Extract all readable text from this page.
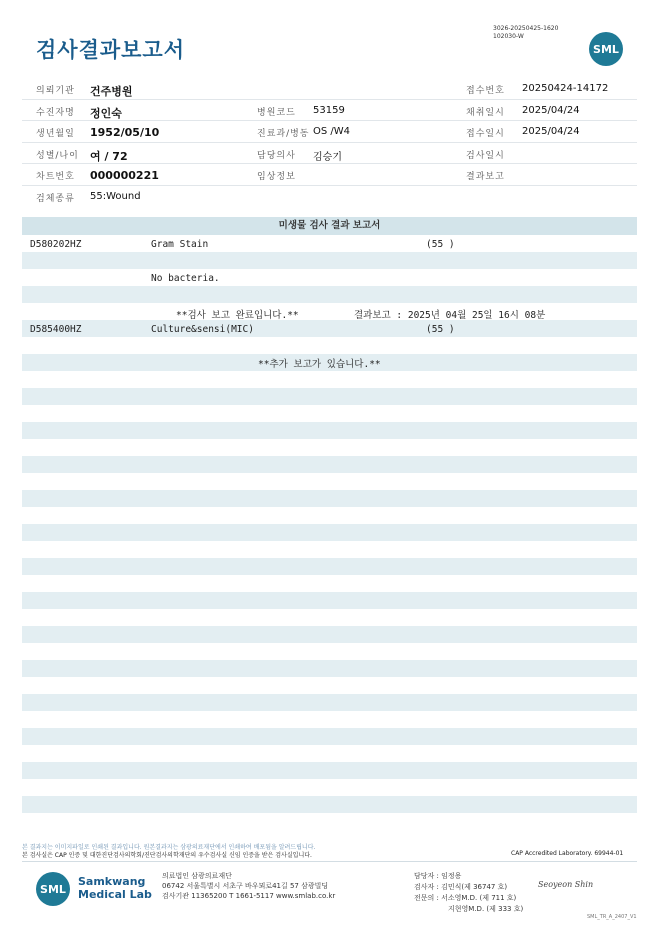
검사결과보고서
3026-20250425-1620
102030-W
SML
의뢰기관 건주병원	접수번호 20250424-14172
수진자명 정인숙	병원코드 53159	채취일시 2025/04/24
생년월일 1952/05/10	진료과/병동 OS /W4	접수일시 2025/04/24
성별/나이 여 / 72	담당의사 김승기	검사일시
차트번호 000000221	임상정보	결과보고
검체종류 55:Wound
미생물 검사 결과 보고서
D580202HZ	Gram Stain	(55 )
No bacteria.
**검사 보고 완료입니다.**	결과보고 : 2025년 04월 25일 16시 08분
D585400HZ	Culture&sensi(MIC)	(55 )
**추가 보고가 있습니다.**
본 결과지는 이미지파일로 인쇄된 결과입니다. 원본결과지는 삼광의료재단에서 인쇄하여 배포됨을 알려드립니다.
본 검사실은 CAP 인증 및 대한진단검사의학회/진단검사의학재단의 우수검사실 신임 인증을 받은 검사실입니다.	CAP Accredited Laboratory. 69944-01
SML
Samkwang
Medical Lab
의료법인 삼광의료재단
06742 서울특별시 서초구 바우뫼로41길 57 삼광빌딩
검사기관 11365200 T 1661-5117 www.smlab.co.kr
담당자 : 임정용
검사자 : 김민식(제 36747 호)
전문의 : 서소영M.D. (제 711 호)
지현영M.D. (제 333 호)
Seoyeon Shin
SML_TR_A_2407_V1
